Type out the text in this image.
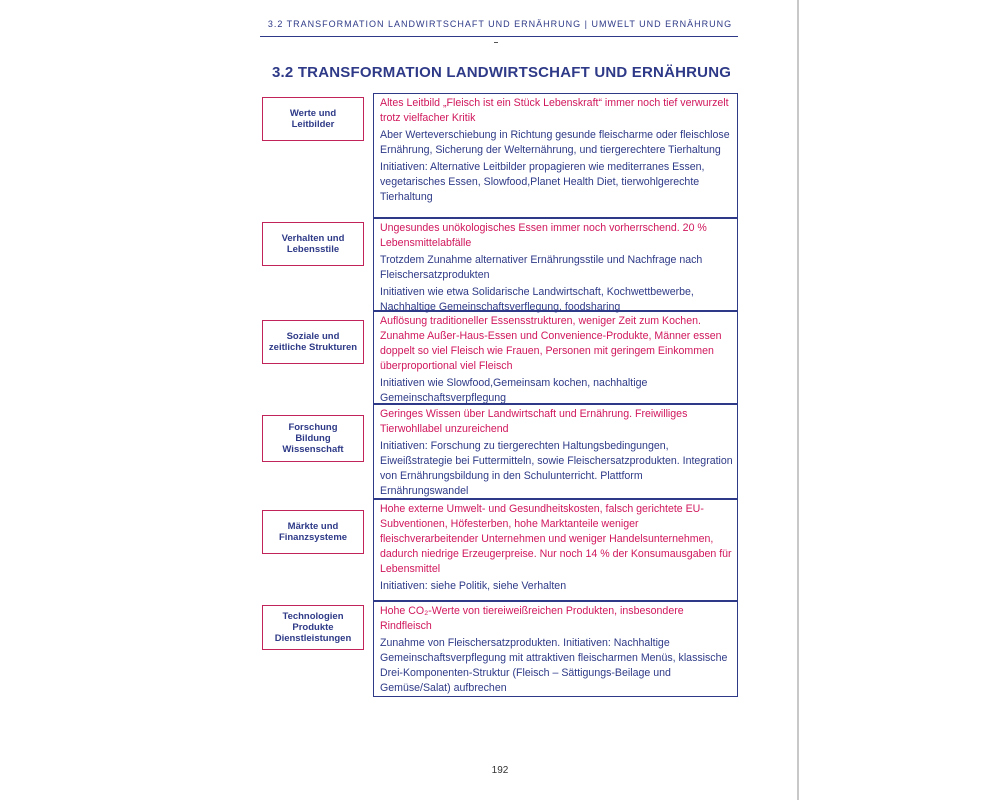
3.2 TRANSFORMATION LANDWIRTSCHAFT UND ERNÄHRUNG | UMWELT UND ERNÄHRUNG
3.2 TRANSFORMATION LANDWIRTSCHAFT UND ERNÄHRUNG
Werte und
Leitbilder

Altes Leitbild „Fleisch ist ein Stück Lebenskraft“ immer noch tief verwurzelt trotz vielfacher Kritik

Aber Werteverschiebung in Richtung gesunde fleischarme oder fleischlose Ernährung, Sicherung der Welternährung, und tiergerechtere Tierhaltung

Initiativen: Alternative Leitbilder propagieren wie mediterranes Essen, vegetarisches Essen, Slowfood,Planet Health Diet, tierwohlgerechte Tierhaltung

Verhalten und
Lebensstile

Ungesundes unökologisches Essen immer noch vorherrschend. 20 % Lebensmittelabfälle

Trotzdem Zunahme alternativer Ernährungsstile und Nachfrage nach Fleischersatzprodukten

Initiativen wie etwa Solidarische Landwirtschaft, Kochwettbewerbe, Nachhaltige Gemeinschaftsverflegung, foodsharing

Soziale und
zeitliche Strukturen

Auflösung traditioneller Essensstrukturen, weniger Zeit zum Kochen. Zunahme Außer-Haus-Essen und Convenience-Produkte, Männer essen doppelt so viel Fleisch wie Frauen, Personen mit geringem Einkommen überproportional viel Fleisch

Initiativen wie Slowfood,Gemeinsam kochen, nachhaltige Gemeinschaftsverpflegung

Forschung
Bildung
Wissenschaft

Geringes Wissen über Landwirtschaft und Ernährung. Freiwilliges Tierwohllabel unzureichend

Initiativen: Forschung zu tiergerechten Haltungsbedingungen, Eiweißstrategie bei Futtermitteln, sowie Fleischersatzprodukten. Integration von Ernährungsbildung in den Schulunterricht. Plattform Ernährungswandel

Märkte und
Finanzsysteme

Hohe externe Umwelt- und Gesundheitskosten, falsch gerichtete EU-Subventionen, Höfesterben, hohe Marktanteile weniger fleischverarbeitender Unternehmen und weniger Handelsunternehmen, dadurch niedrige Erzeugerpreise. Nur noch 14 % der Konsumausgaben für Lebensmittel

Initiativen: siehe Politik, siehe Verhalten

Technologien
Produkte
Dienstleistungen

Hohe CO₂-Werte von tiereiweißreichen Produkten, insbesondere Rindfleisch

Zunahme von Fleischersatzprodukten. Initiativen: Nachhaltige Gemeinschaftsverpflegung mit attraktiven fleischarmen Menüs, klassische Drei-Komponenten-Struktur (Fleisch – Sättigungs-Beilage und Gemüse/Salat) aufbrechen

192
